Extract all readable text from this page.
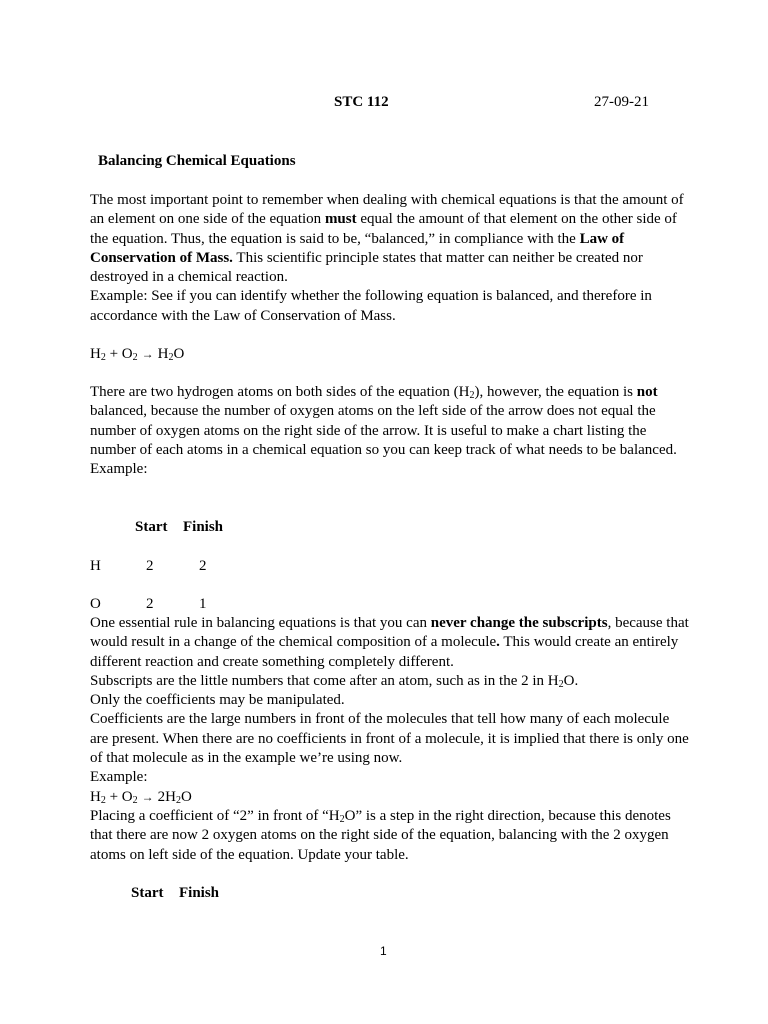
STC 112	27-09-21
Balancing Chemical Equations

The most important point to remember when dealing with chemical equations is that the amount of an element on one side of the equation must equal the amount of that element on the other side of the equation. Thus, the equation is said to be, “balanced,” in compliance with the Law of Conservation of Mass. This scientific principle states that matter can neither be created nor destroyed in a chemical reaction.

Example: See if you can identify whether the following equation is balanced, and therefore in accordance with the Law of Conservation of Mass.

$H_2 + O_2 \to H_2O$

There are two hydrogen atoms on both sides of the equation $(H_2)$, however, the equation is not balanced, because the number of oxygen atoms on the left side of the arrow does not equal the number of oxygen atoms on the right side of the arrow. It is useful to make a chart listing the number of each atoms in a chemical equation so you can keep track of what needs to be balanced.

Example:

Start Finish
H	2	2
O	2	1

One essential rule in balancing equations is that you can never change the subscripts, because that would result in a change of the chemical composition of a molecule. This would create an entirely different reaction and create something completely different.

Subscripts are the little numbers that come after an atom, such as in the 2 in $H_2O$.

Only the coefficients may be manipulated.

Coefficients are the large numbers in front of the molecules that tell how many of each molecule are present. When there are no coefficients in front of a molecule, it is implied that there is only one of that molecule as in the example we’re using now.

Example:

$H_2 + O_2 \to 2H_2O$

Placing a coefficient of “2” in front of “$H_2O$” is a step in the right direction, because this denotes that there are now 2 oxygen atoms on the right side of the equation, balancing with the 2 oxygen atoms on left side of the equation. Update your table.

Start Finish
1
